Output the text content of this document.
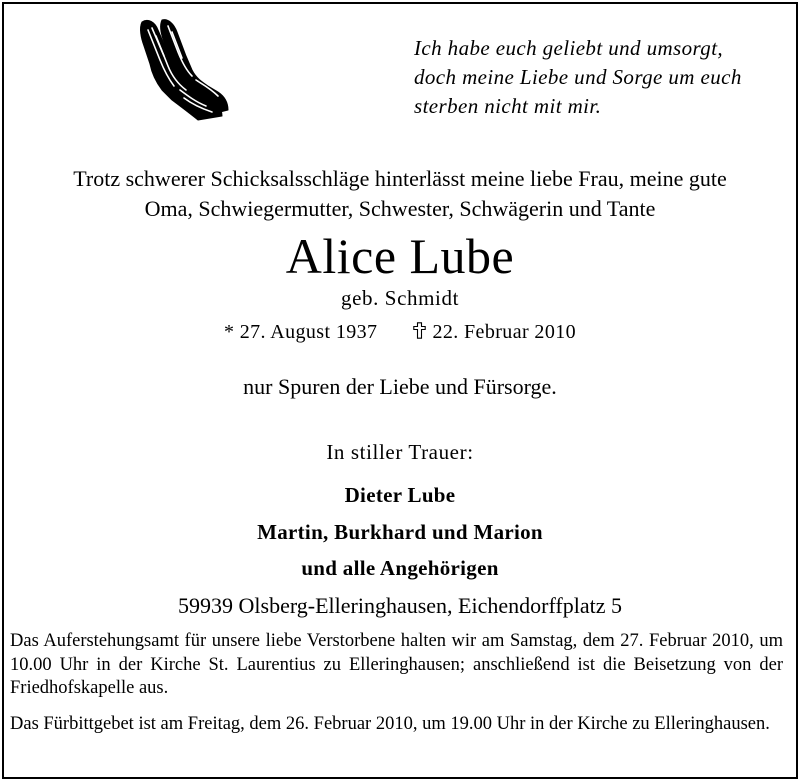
Ich habe euch geliebt und umsorgt,
doch meine Liebe und Sorge um euch
sterben nicht mit mir.
Trotz schwerer Schicksalsschläge hinterlässt meine liebe Frau, meine gute
Oma, Schwiegermutter, Schwester, Schwägerin und Tante
Alice Lube
geb. Schmidt
* 27. August 1937	22. Februar 2010
nur Spuren der Liebe und Fürsorge.
In stiller Trauer:
Dieter Lube
Martin, Burkhard und Marion
und alle Angehörigen
59939 Olsberg-Elleringhausen, Eichendorffplatz 5
Das Auferstehungsamt für unsere liebe Verstorbene halten wir am Samstag, dem 27. Februar 2010, um 10.00 Uhr in der Kirche St. Laurentius zu Elleringhausen; anschließend ist die Beisetzung von der Friedhofskapelle aus.
Das Fürbittgebet ist am Freitag, dem 26. Februar 2010, um 19.00 Uhr in der Kirche zu Elleringhausen.
